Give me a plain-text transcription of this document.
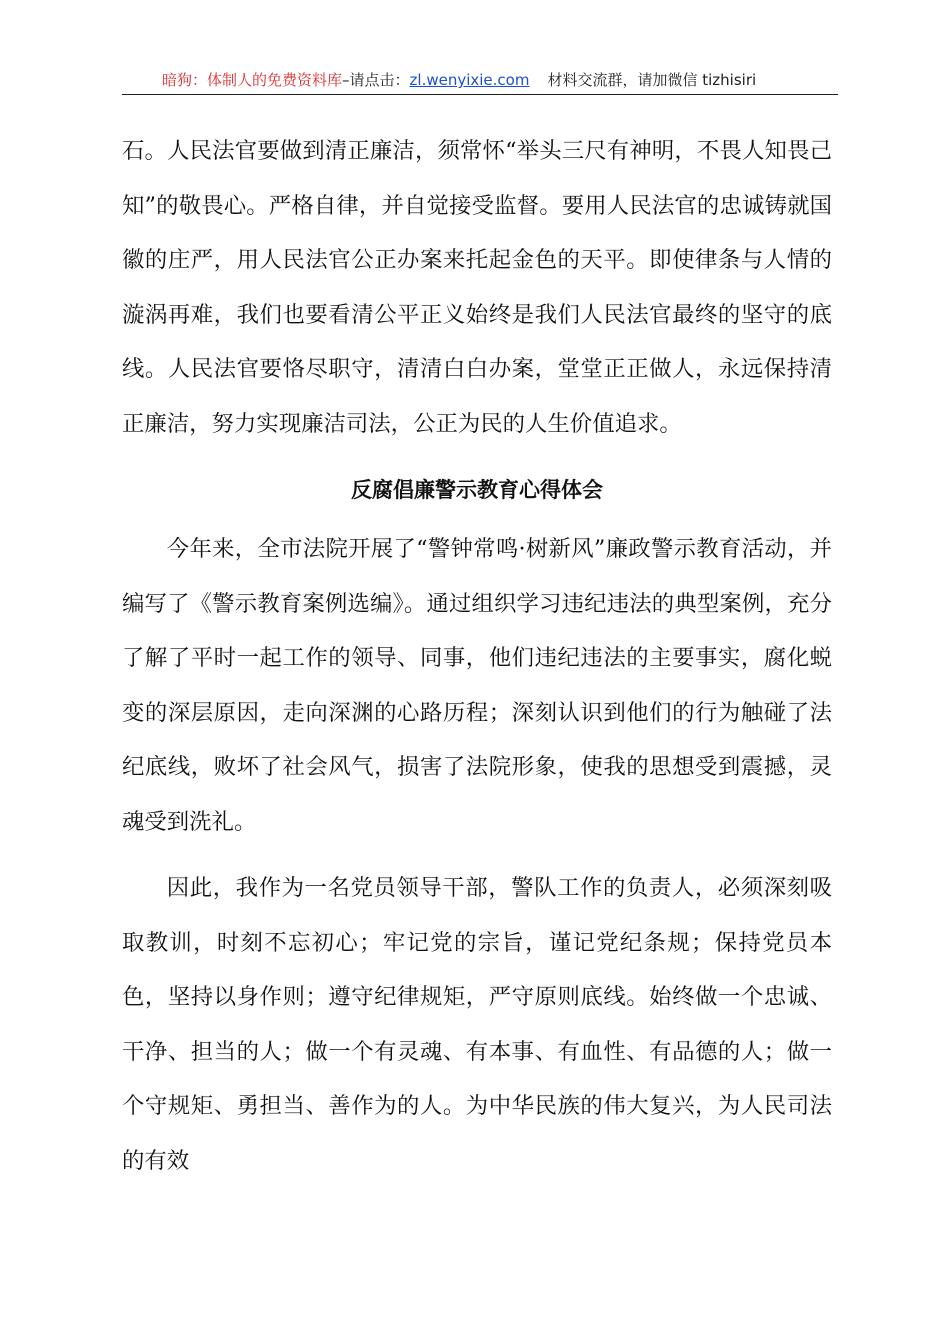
暗狗：体制人的免费资料库–请点击：zl.wenyixie.com 材料交流群，请加微信 tizhisiri

石。人民法官要做到清正廉洁，须常怀“举头三尺有神明，不畏人知畏己知”的敬畏心。严格自律，并自觉接受监督。要用人民法官的忠诚铸就国徽的庄严，用人民法官公正办案来托起金色的天平。即使律条与人情的漩涡再难，我们也要看清公平正义始终是我们人民法官最终的坚守的底线。人民法官要恪尽职守，清清白白办案，堂堂正正做人，永远保持清正廉洁，努力实现廉洁司法，公正为民的人生价值追求。

反腐倡廉警示教育心得体会

今年来，全市法院开展了“警钟常鸣·树新风”廉政警示教育活动，并编写了《警示教育案例选编》。通过组织学习违纪违法的典型案例，充分了解了平时一起工作的领导、同事，他们违纪违法的主要事实，腐化蜕变的深层原因，走向深渊的心路历程；深刻认识到他们的行为触碰了法纪底线，败坏了社会风气，损害了法院形象，使我的思想受到震撼，灵魂受到洗礼。

因此，我作为一名党员领导干部，警队工作的负责人，必须深刻吸取教训，时刻不忘初心；牢记党的宗旨，谨记党纪条规；保持党员本色，坚持以身作则；遵守纪律规矩，严守原则底线。始终做一个忠诚、干净、担当的人；做一个有灵魂、有本事、有血性、有品德的人；做一个守规矩、勇担当、善作为的人。为中华民族的伟大复兴，为人民司法的有效
